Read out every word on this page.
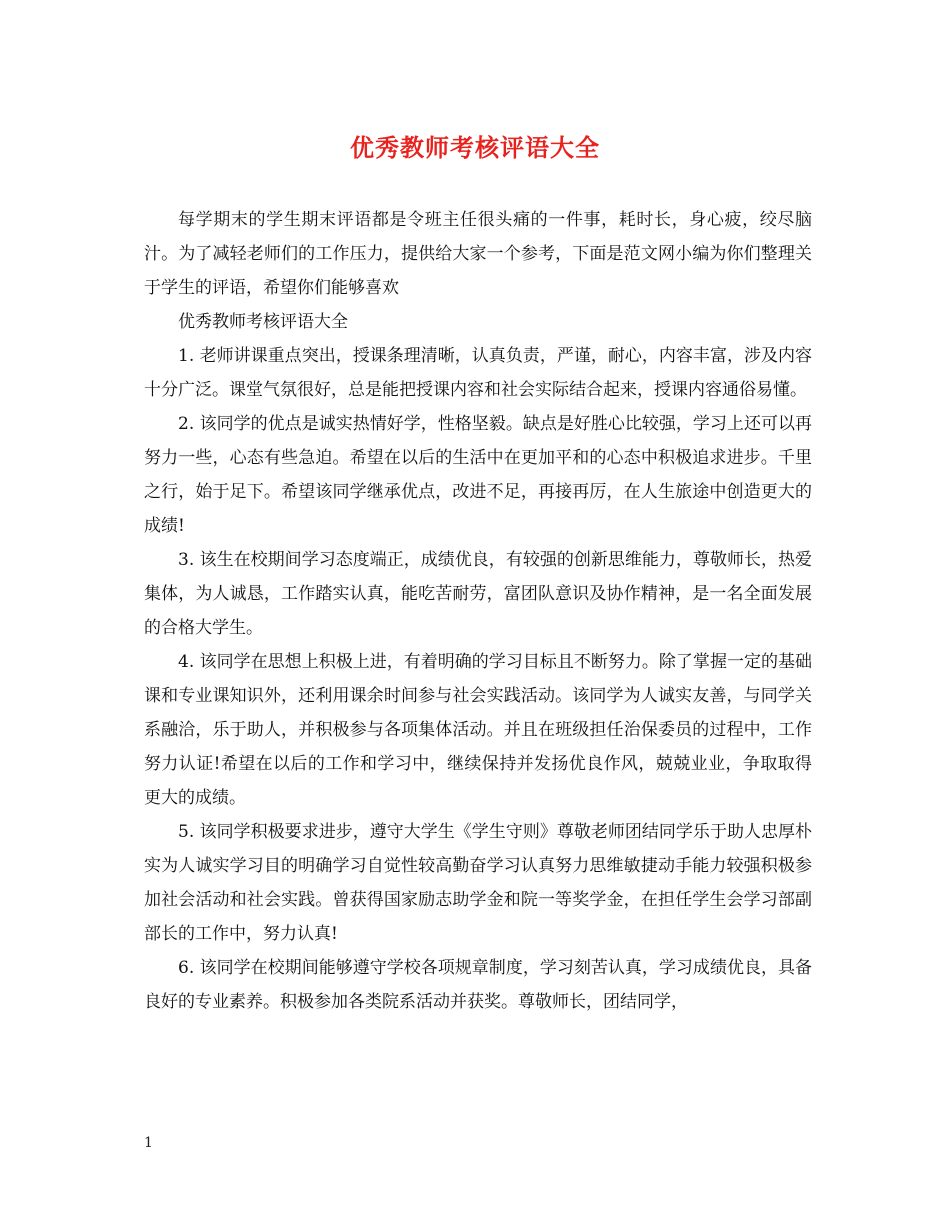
优秀教师考核评语大全

每学期末的学生期末评语都是令班主任很头痛的一件事，耗时长，身心疲，绞尽脑汁。为了减轻老师们的工作压力，提供给大家一个参考，下面是范文网小编为你们整理关于学生的评语，希望你们能够喜欢

优秀教师考核评语大全

1. 老师讲课重点突出，授课条理清晰，认真负责，严谨，耐心，内容丰富，涉及内容十分广泛。课堂气氛很好，总是能把授课内容和社会实际结合起来，授课内容通俗易懂。

2. 该同学的优点是诚实热情好学，性格坚毅。缺点是好胜心比较强，学习上还可以再努力一些，心态有些急迫。希望在以后的生活中在更加平和的心态中积极追求进步。千里之行，始于足下。希望该同学继承优点，改进不足，再接再厉，在人生旅途中创造更大的成绩!

3. 该生在校期间学习态度端正，成绩优良，有较强的创新思维能力，尊敬师长，热爱集体，为人诚恳，工作踏实认真，能吃苦耐劳，富团队意识及协作精神，是一名全面发展的合格大学生。

4. 该同学在思想上积极上进，有着明确的学习目标且不断努力。除了掌握一定的基础课和专业课知识外，还利用课余时间参与社会实践活动。该同学为人诚实友善，与同学关系融洽，乐于助人，并积极参与各项集体活动。并且在班级担任治保委员的过程中，工作努力认证!希望在以后的工作和学习中，继续保持并发扬优良作风，兢兢业业，争取取得更大的成绩。

5. 该同学积极要求进步，遵守大学生《学生守则》尊敬老师团结同学乐于助人忠厚朴实为人诚实学习目的明确学习自觉性较高勤奋学习认真努力思维敏捷动手能力较强积极参加社会活动和社会实践。曾获得国家励志助学金和院一等奖学金，在担任学生会学习部副部长的工作中，努力认真!

6. 该同学在校期间能够遵守学校各项规章制度，学习刻苦认真，学习成绩优良，具备良好的专业素养。积极参加各类院系活动并获奖。尊敬师长，团结同学，

1
